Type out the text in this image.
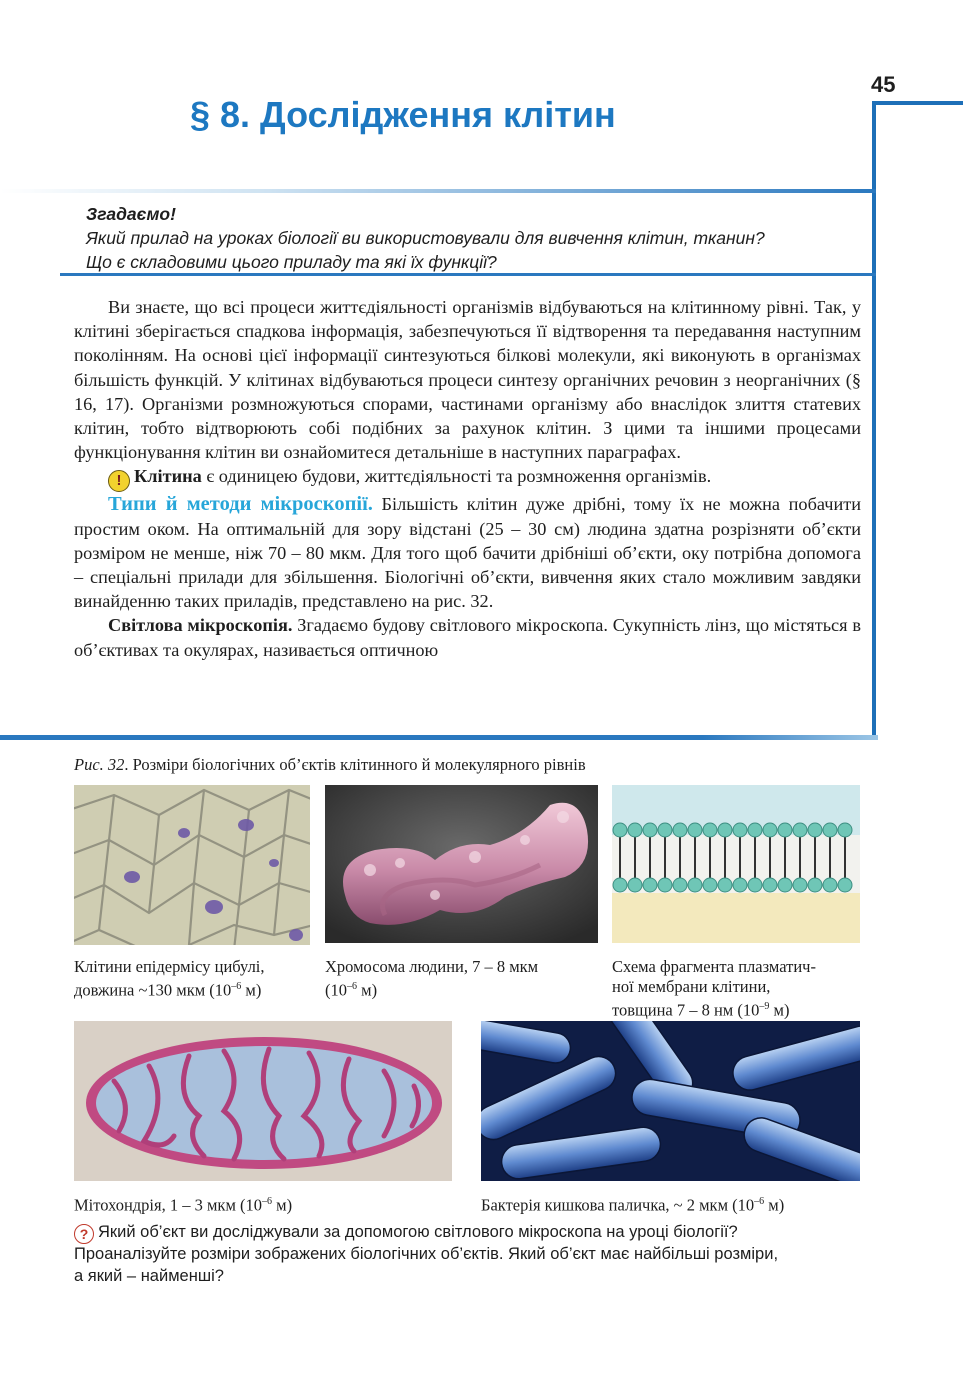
45
§ 8. Дослідження клітин
Згадаємо!
Який прилад на уроках біології ви використовували для вивчення клітин, тканин?
Що є складовими цього приладу та які їх функції?

Ви знаєте, що всі процеси життєдіяльності організмів відбуваються на клітинному рівні. Так, у клітині зберігається спадкова інформація, забезпечуються її відтворення та передавання наступним поколінням. На основі цієї інформації синтезуються білкові молекули, які виконують в організмах більшість функцій. У клітинах відбуваються процеси синтезу органічних речовин з неорганічних (§ 16, 17). Організми розмножуються спорами, частинами організму або внаслідок злиття статевих клітин, тобто відтворюють собі подібних за рахунок клітин. З цими та іншими процесами функціонування клітин ви ознайомитеся детальніше в наступних параграфах.

! Клітина є одиницею будови, життєдіяльності та розмноження організмів.

Типи й методи мікроскопії. Більшість клітин дуже дрібні, тому їх не можна побачити простим оком. На оптимальній для зору відстані (25 – 30 см) людина здатна розрізняти об’єкти розміром не менше, ніж 70 – 80 мкм. Для того щоб бачити дрібніші об’єкти, оку потрібна допомога – спеціальні прилади для збільшення. Біологічні об’єкти, вивчення яких стало можливим завдяки винайденню таких приладів, представлено на рис. 32.

Світлова мікроскопія. Згадаємо будову світлового мікроскопа. Сукупність лінз, що містяться в об’єктивах та окулярах, називається оптичною

Рис. 32. Розміри біологічних об’єктів клітинного й молекулярного рівнів
Клітини епідермісу цибулі,
довжина ~130 мкм ($10^{-6}$ м)
Хромосома людини, 7 – 8 мкм
($10^{-6}$ м)
Схема фрагмента плазматич-
ної мембрани клітини,
товщина 7 – 8 нм ($10^{-9}$ м)
Мітохондрія, 1 – 3 мкм ($10^{-6}$ м)	Бактерія кишкова паличка, ~ 2 мкм ($10^{-6}$ м)
? Який об’єкт ви досліджували за допомогою світлового мікроскопа на уроці біології?
Проаналізуйте розміри зображених біологічних об’єктів. Який об’єкт має найбільші розміри,
а який – найменші?
